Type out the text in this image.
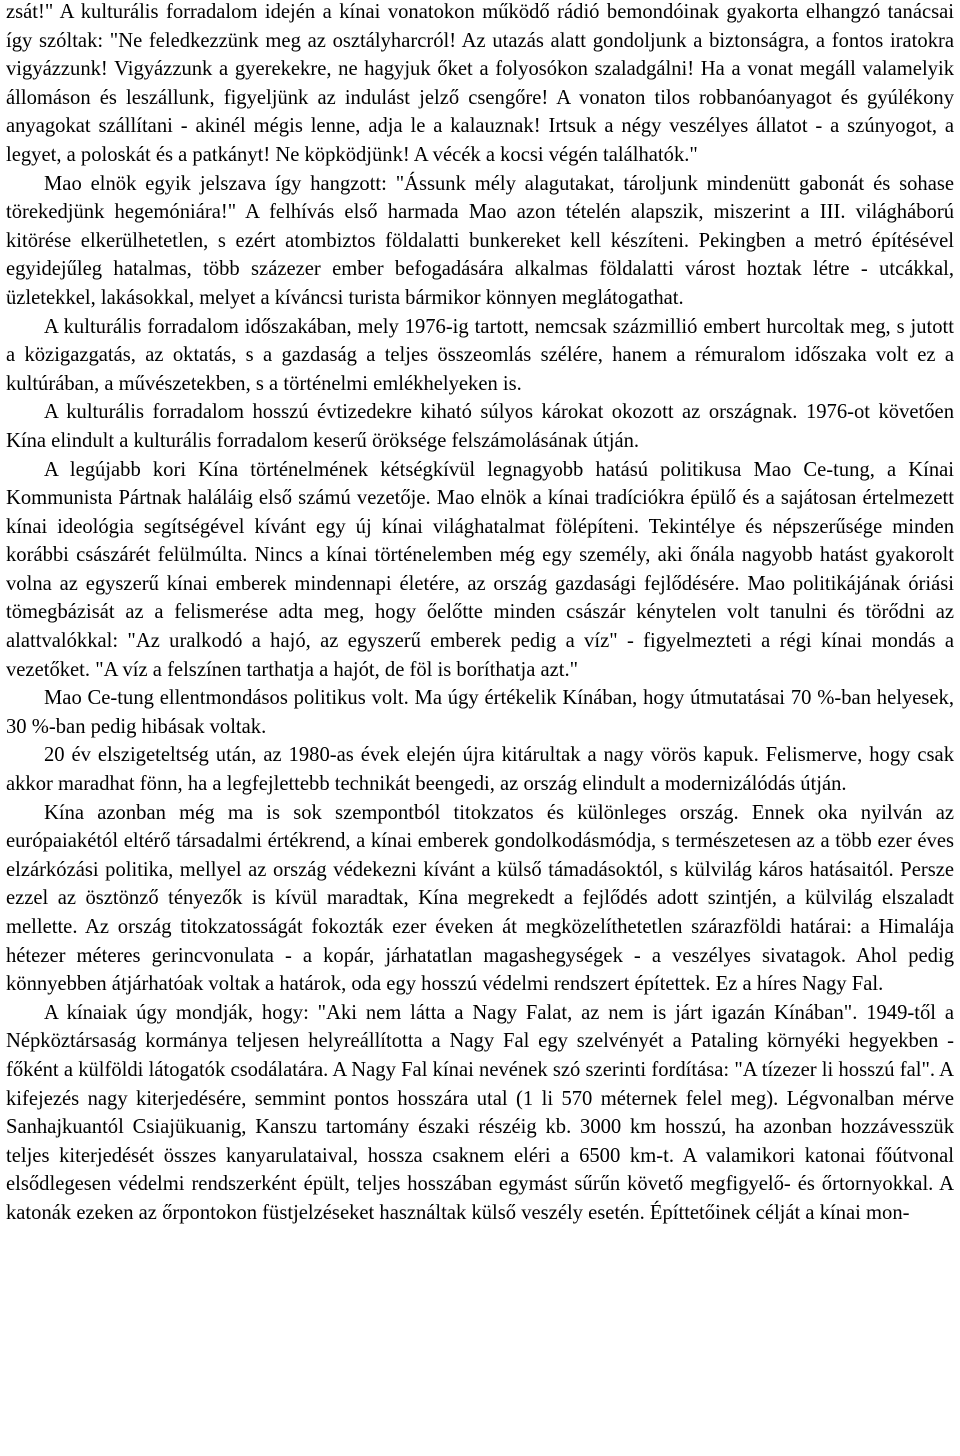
zsát!" A kulturális forradalom idején a kínai vonatokon működő rádió bemondóinak gyakorta elhangzó tanácsai így szóltak: "Ne feledkezzünk meg az osztályharcról! Az utazás alatt gondoljunk a biztonságra, a fontos iratokra vigyázzunk! Vigyázzunk a gyerekekre, ne hagyjuk őket a folyosókon szaladgálni! Ha a vonat megáll valamelyik állomáson és leszállunk, figyeljünk az indulást jelző csengőre! A vonaton tilos robbanóanyagot és gyúlékony anyagokat szállítani - akinél mégis lenne, adja le a kalauznak! Irtsuk a négy veszélyes állatot - a szúnyogot, a legyet, a poloskát és a patkányt! Ne köpködjünk! A vécék a kocsi végén találhatók."

Mao elnök egyik jelszava így hangzott: "Ássunk mély alagutakat, tároljunk mindenütt gabonát és sohase törekedjünk hegemóniára!" A felhívás első harmada Mao azon tételén alapszik, miszerint a III. világháború kitörése elkerülhetetlen, s ezért atombiztos földalatti bunkereket kell készíteni. Pekingben a metró építésével egyidejűleg hatalmas, több százezer ember befogadására alkalmas földalatti várost hoztak létre - utcákkal, üzletekkel, lakásokkal, melyet a kíváncsi turista bármikor könnyen meglátogathat.

A kulturális forradalom időszakában, mely 1976-ig tartott, nemcsak százmillió embert hurcoltak meg, s jutott a közigazgatás, az oktatás, s a gazdaság a teljes összeomlás szélére, hanem a rémuralom időszaka volt ez a kultúrában, a művészetekben, s a történelmi emlékhelyeken is.

A kulturális forradalom hosszú évtizedekre kiható súlyos károkat okozott az országnak. 1976-ot követően Kína elindult a kulturális forradalom keserű öröksége felszámolásának útján.

A legújabb kori Kína történelmének kétségkívül legnagyobb hatású politikusa Mao Ce-tung, a Kínai Kommunista Pártnak haláláig első számú vezetője. Mao elnök a kínai tradíciókra épülő és a sajátosan értelmezett kínai ideológia segítségével kívánt egy új kínai világhatalmat fölépíteni. Tekintélye és népszerűsége minden korábbi császárét felülmúlta. Nincs a kínai történelemben még egy személy, aki őnála nagyobb hatást gyakorolt volna az egyszerű kínai emberek mindennapi életére, az ország gazdasági fejlődésére. Mao politikájának óriási tömegbázisát az a felismerése adta meg, hogy őelőtte minden császár kénytelen volt tanulni és törődni az alattvalókkal: "Az uralkodó a hajó, az egyszerű emberek pedig a víz" - figyelmezteti a régi kínai mondás a vezetőket. "A víz a felszínen tarthatja a hajót, de föl is boríthatja azt."

Mao Ce-tung ellentmondásos politikus volt. Ma úgy értékelik Kínában, hogy útmutatásai 70 %-ban helyesek, 30 %-ban pedig hibásak voltak.

20 év elszigeteltség után, az 1980-as évek elején újra kitárultak a nagy vörös kapuk. Felismerve, hogy csak akkor maradhat fönn, ha a legfejlettebb technikát beengedi, az ország elindult a modernizálódás útján.

Kína azonban még ma is sok szempontból titokzatos és különleges ország. Ennek oka nyilván az európaiakétól eltérő társadalmi értékrend, a kínai emberek gondolkodásmódja, s természetesen az a több ezer éves elzárkózási politika, mellyel az ország védekezni kívánt a külső támadásoktól, s külvilág káros hatásaitól. Persze ezzel az ösztönző tényezők is kívül maradtak, Kína megrekedt a fejlődés adott szintjén, a külvilág elszaladt mellette. Az ország titokzatosságát fokozták ezer éveken át megközelíthetetlen szárazföldi határai: a Himalája hétezer méteres gerincvonulata - a kopár, járhatatlan magashegységek - a veszélyes sivatagok. Ahol pedig könnyebben átjárhatóak voltak a határok, oda egy hosszú védelmi rendszert építettek. Ez a híres Nagy Fal.

A kínaiak úgy mondják, hogy: "Aki nem látta a Nagy Falat, az nem is járt igazán Kínában". 1949-től a Népköztársaság kormánya teljesen helyreállította a Nagy Fal egy szelvényét a Pataling környéki hegyekben - főként a külföldi látogatók csodálatára. A Nagy Fal kínai nevének szó szerinti fordítása: "A tízezer li hosszú fal". A kifejezés nagy kiterjedésére, semmint pontos hosszára utal (1 li 570 méternek felel meg). Légvonalban mérve Sanhajkuantól Csiajükuanig, Kanszu tartomány északi részéig kb. 3000 km hosszú, ha azonban hozzávesszük teljes kiterjedését összes kanyarulataival, hossza csaknem eléri a 6500 km-t. A valamikori katonai főútvonal elsődlegesen védelmi rendszerként épült, teljes hosszában egymást sűrűn követő megfigyelő- és őrtornyokkal. A katonák ezeken az őrpontokon füstjelzéseket használtak külső veszély esetén. Építtetőinek célját a kínai mon-
